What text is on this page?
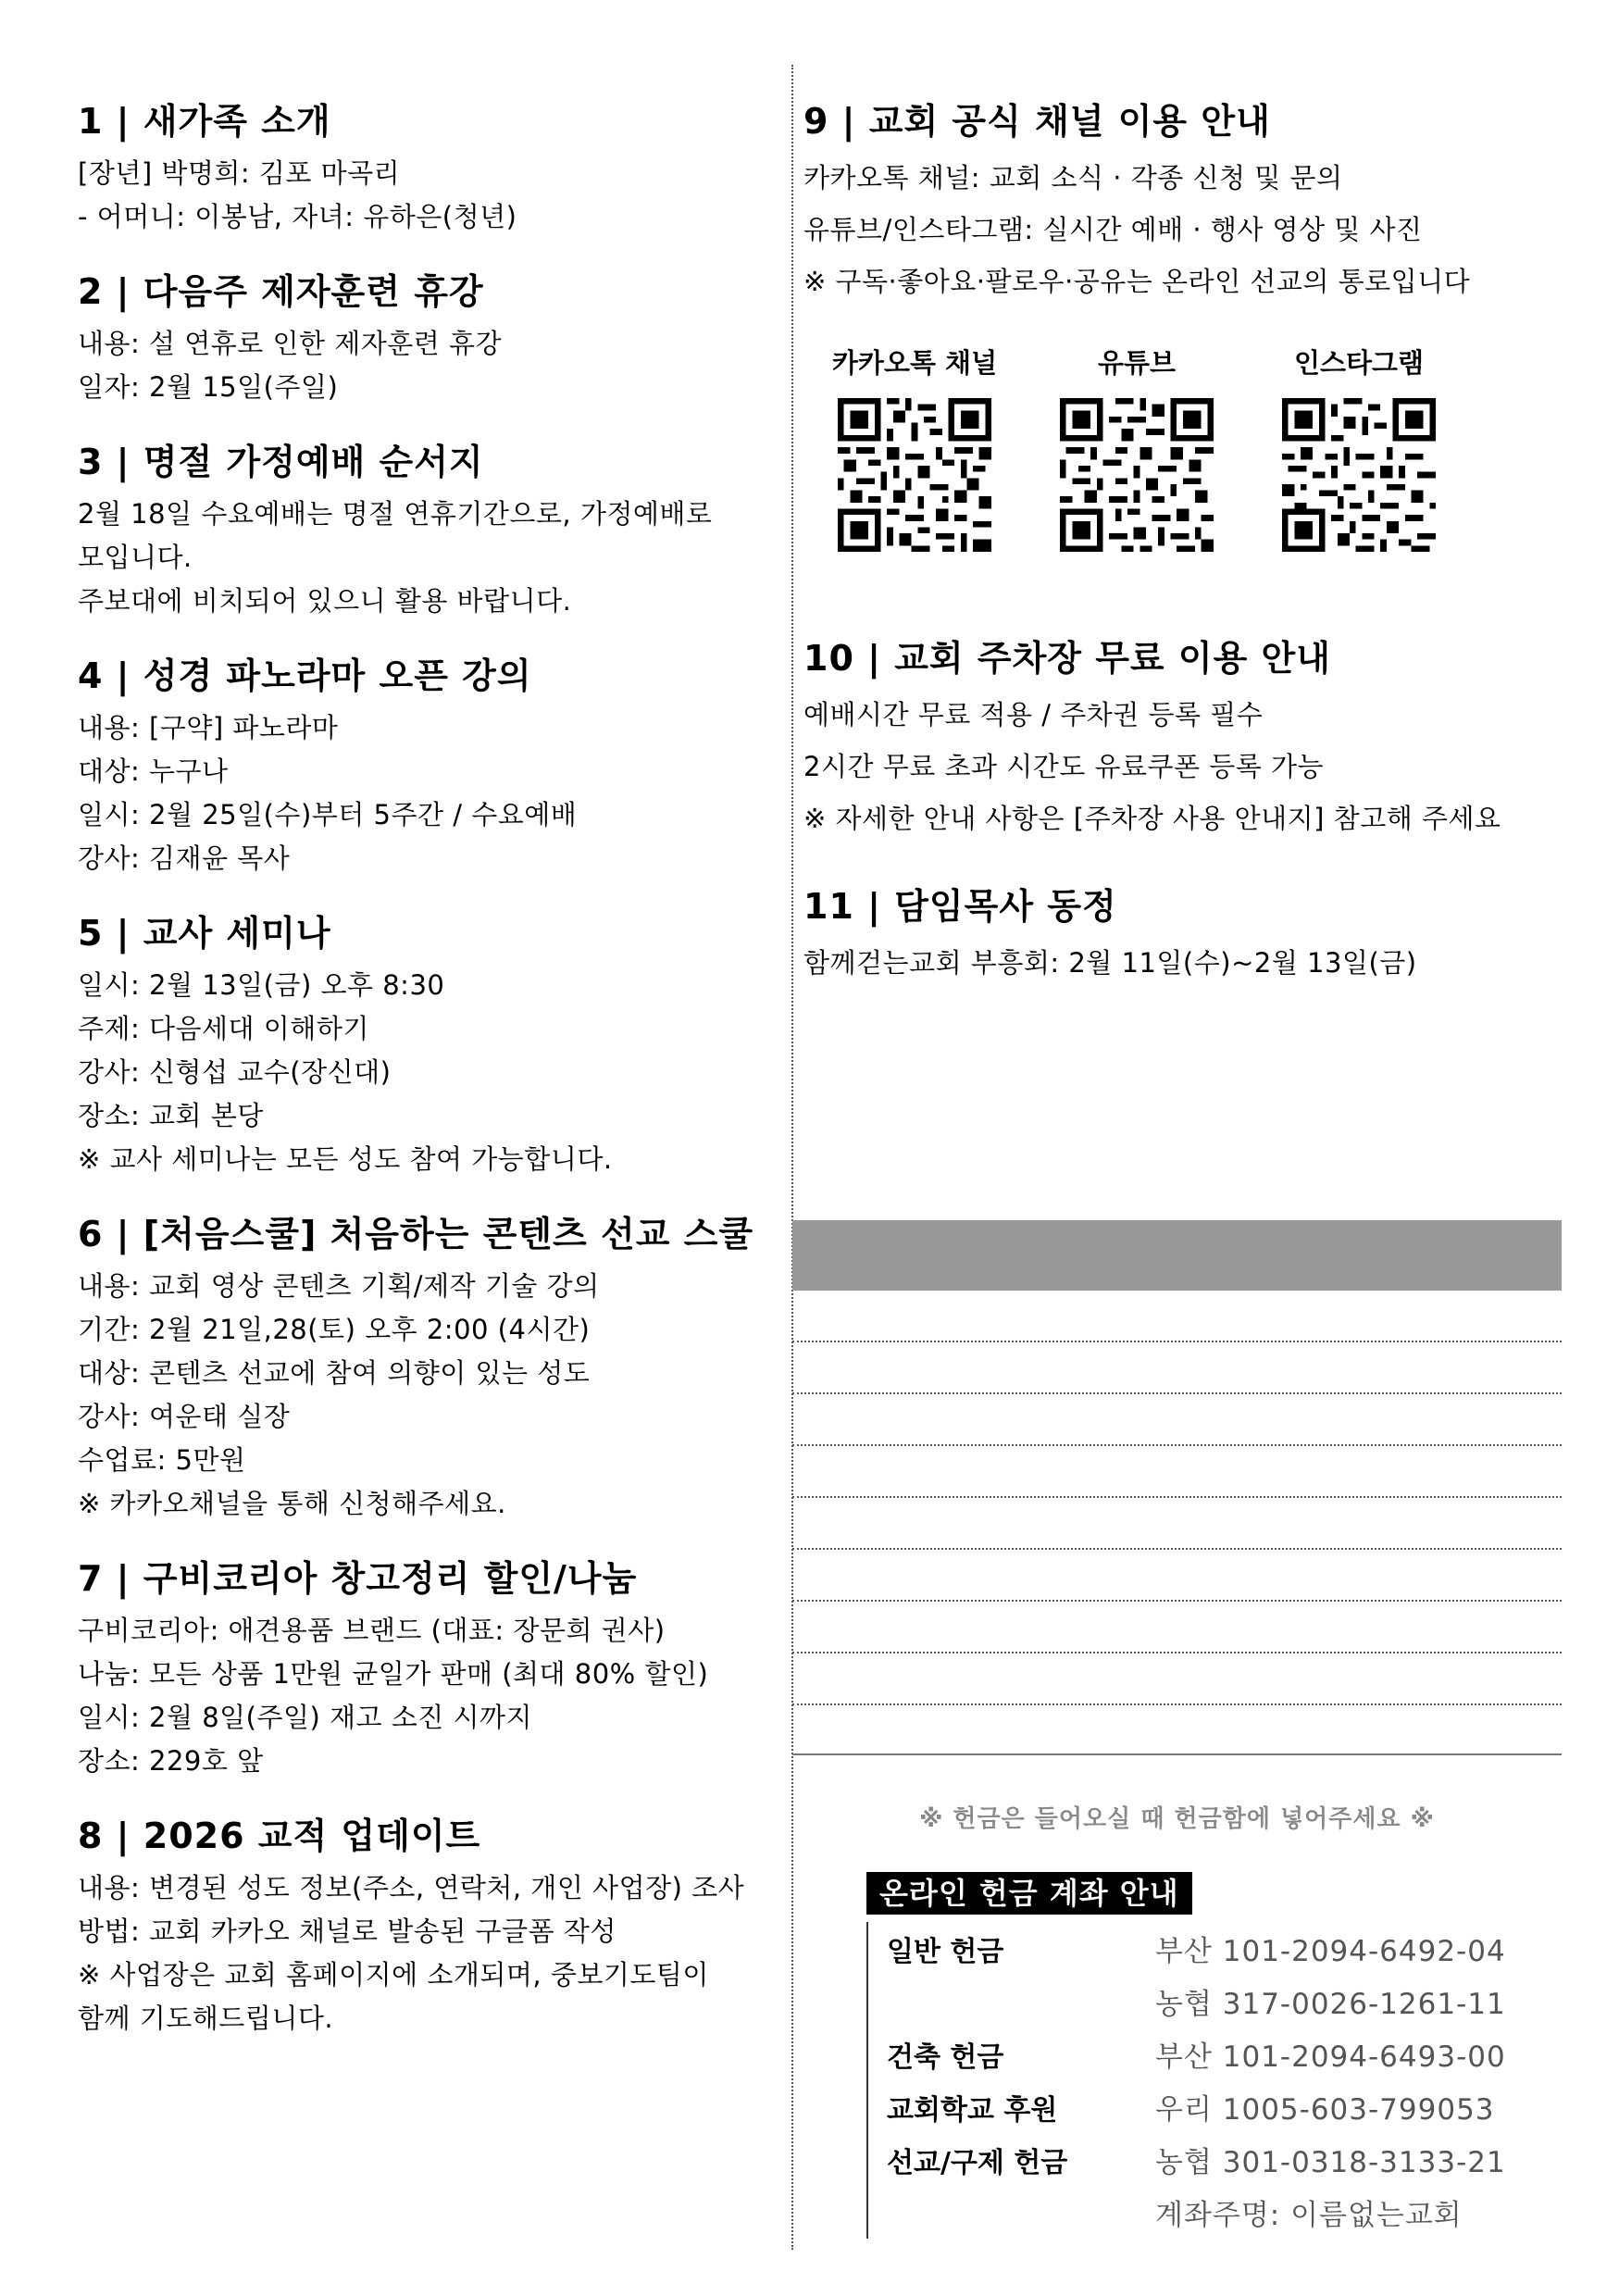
1 | 새가족 소개
[장년] 박명희: 김포 마곡리
- 어머니: 이봉남, 자녀: 유하은(청년)
2 | 다음주 제자훈련 휴강
내용: 설 연휴로 인한 제자훈련 휴강
일자: 2월 15일(주일)
3 | 명절 가정예배 순서지
2월 18일 수요예배는 명절 연휴기간으로, 가정예배로
모입니다.
주보대에 비치되어 있으니 활용 바랍니다.
4 | 성경 파노라마 오픈 강의
내용: [구약] 파노라마
대상: 누구나
일시: 2월 25일(수)부터 5주간 / 수요예배
강사: 김재윤 목사
5 | 교사 세미나
일시: 2월 13일(금) 오후 8:30
주제: 다음세대 이해하기
강사: 신형섭 교수(장신대)
장소: 교회 본당
※ 교사 세미나는 모든 성도 참여 가능합니다.
6 | [처음스쿨] 처음하는 콘텐츠 선교 스쿨
내용: 교회 영상 콘텐츠 기획/제작 기술 강의
기간: 2월 21일,28(토) 오후 2:00 (4시간)
대상: 콘텐츠 선교에 참여 의향이 있는 성도
강사: 여운태 실장
수업료: 5만원
※ 카카오채널을 통해 신청해주세요.
7 | 구비코리아 창고정리 할인/나눔
구비코리아: 애견용품 브랜드 (대표: 장문희 권사)
나눔: 모든 상품 1만원 균일가 판매 (최대 80% 할인)
일시: 2월 8일(주일) 재고 소진 시까지
장소: 229호 앞
8 | 2026 교적 업데이트
내용: 변경된 성도 정보(주소, 연락처, 개인 사업장) 조사
방법: 교회 카카오 채널로 발송된 구글폼 작성
※ 사업장은 교회 홈페이지에 소개되며, 중보기도팀이
함께 기도해드립니다.
9 | 교회 공식 채널 이용 안내
카카오톡 채널: 교회 소식 · 각종 신청 및 문의
유튜브/인스타그램: 실시간 예배 · 행사 영상 및 사진
※ 구독·좋아요·팔로우·공유는 온라인 선교의 통로입니다
카카오톡 채널	유튜브	인스타그램
10 | 교회 주차장 무료 이용 안내
예배시간 무료 적용 / 주차권 등록 필수
2시간 무료 초과 시간도 유료쿠폰 등록 가능
※ 자세한 안내 사항은 [주차장 사용 안내지] 참고해 주세요
11 | 담임목사 동정
함께걷는교회 부흥회: 2월 11일(수)~2월 13일(금)
※ 헌금은 들어오실 때 헌금함에 넣어주세요 ※
온라인 헌금 계좌 안내
일반 헌금	부산 101-2094-6492-04
농협 317-0026-1261-11
건축 헌금	부산 101-2094-6493-00
교회학교 후원	우리 1005-603-799053
선교/구제 헌금	농협 301-0318-3133-21
계좌주명: 이름없는교회
